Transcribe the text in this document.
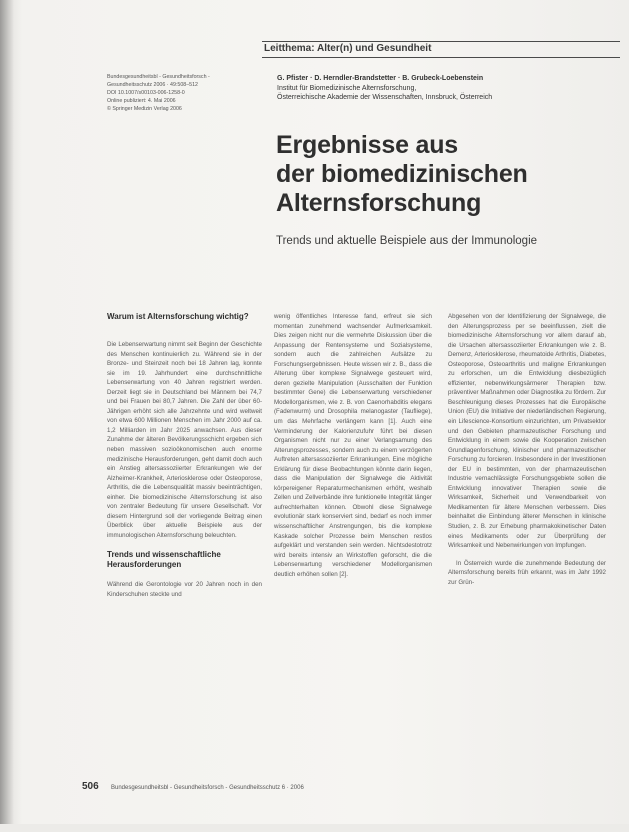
Leitthema: Alter(n) und Gesundheit
Bundesgesundheitsbl - Gesundheitsforsch -
Gesundheitsschutz 2006 · 49:508–512
DOI 10.1007/s00103-006-1258-0
Online publiziert: 4. Mai 2006
© Springer Medizin Verlag 2006
G. Pfister · D. Herndler-Brandstetter · B. Grubeck-Loebenstein
Institut für Biomedizinische Alternsforschung,
Österreichische Akademie der Wissenschaften, Innsbruck, Österreich
Ergebnisse aus
der biomedizinischen
Alternsforschung
Trends und aktuelle Beispiele aus der Immunologie
Warum ist Alternsforschung wichtig?

Die Lebenserwartung nimmt seit Beginn der Geschichte des Menschen kontinuierlich zu. Während sie in der Bronze- und Steinzeit noch bei 18 Jahren lag, konnte sie im 19. Jahrhundert eine durchschnittliche Lebenserwartung von 40 Jahren registriert werden. Derzeit liegt sie in Deutschland bei Männern bei 74,7 und bei Frauen bei 80,7 Jahren. Die Zahl der über 60-Jährigen erhöht sich alle Jahrzehnte und wird weltweit von etwa 600 Millionen Menschen im Jahr 2000 auf ca. 1,2 Milliarden im Jahr 2025 anwachsen. Aus dieser Zunahme der älteren Bevölkerungsschicht ergeben sich neben massiven sozioökonomischen auch enorme medizinische Herausforderungen, geht damit doch auch ein Anstieg altersassoziierter Erkrankungen wie der Alzheimer-Krankheit, Arteriosklerose oder Osteoporose, Arthritis, die die Lebensqualität massiv beeinträchtigen, einher. Die biomedizinische Alternsforschung ist also von zentraler Bedeutung für unsere Gesellschaft. Vor diesem Hintergrund soll der vorliegende Beitrag einen Überblick über aktuelle Beispiele aus der immunologischen Alternsforschung beleuchten.

Trends und wissenschaftliche Herausforderungen

Während die Gerontologie vor 20 Jahren noch in den Kinderschuhen steckte und

wenig öffentliches Interesse fand, erfreut sie sich momentan zunehmend wachsender Aufmerksamkeit. Dies zeigen nicht nur die vermehrte Diskussion über die Anpassung der Rentensysteme und Sozialsysteme, sondern auch die zahlreichen Aufsätze zu Forschungsergebnissen. Heute wissen wir z. B., dass die Alterung über komplexe Signalwege gesteuert wird, deren gezielte Manipulation (Ausschalten der Funktion bestimmter Gene) die Lebenserwartung verschiedener Modellorganismen, wie z. B. von Caenorhabditis elegans (Fadenwurm) und Drosophila melanogaster (Taufliege), um das Mehrfache verlängern kann [1]. Auch eine Verminderung der Kalorienzufuhr führt bei diesen Organismen nicht nur zu einer Verlangsamung des Alterungsprozesses, sondern auch zu einem verzögerten Auftreten altersassoziierter Erkrankungen. Eine mögliche Erklärung für diese Beobachtungen könnte darin liegen, dass die Manipulation der Signalwege die Aktivität körpereigener Reparaturmechanismen erhöht, weshalb Zellen und Zellverbände ihre funktionelle Integrität länger aufrechterhalten können. Obwohl diese Signalwege evolutionär stark konserviert sind, bedarf es noch immer wissenschaftlicher Anstrengungen, bis die komplexe Kaskade solcher Prozesse beim Menschen restlos aufgeklärt und verstanden sein werden. Nichtsdestotrotz wird bereits intensiv an Wirkstoffen geforscht, die die Lebenserwartung verschiedener Modellorganismen deutlich erhöhen sollen [2].

Abgesehen von der Identifizierung der Signalwege, die den Alterungsprozess per se beeinflussen, zielt die biomedizinische Alternsforschung vor allem darauf ab, die Ursachen altersassoziierter Erkrankungen wie z. B. Demenz, Arteriosklerose, rheumatoide Arthritis, Diabetes, Osteoporose, Osteoarthritis und maligne Erkrankungen zu erforschen, um die Entwicklung diesbezüglich effizienter, nebenwirkungsärmerer Therapien bzw. präventiver Maßnahmen oder Diagnostika zu fördern. Zur Beschleunigung dieses Prozesses hat die Europäische Union (EU) die Initiative der niederländischen Regierung, ein Lifescience-Konsortium einzurichten, um Privatsektor und den Gebieten pharmazeutischer Forschung und Entwicklung in einem sowie die Kooperation zwischen Grundlagenforschung, klinischer und pharmazeutischer Forschung zu forcieren. Insbesondere in der Investitionen der EU in bestimmten, von der pharmazeutischen Industrie vernachlässigte Forschungsgebiete sollen die Entwicklung innovativer Therapien sowie die Wirksamkeit, Sicherheit und Verwendbarkeit von Medikamenten für ältere Menschen verbessern. Dies beinhaltet die Einbindung älterer Menschen in klinische Studien, z. B. zur Erhebung pharmakokinetischer Daten eines Medikaments oder zur Überprüfung der Wirksamkeit und Nebenwirkungen von Impfungen.

In Österreich wurde die zunehmende Bedeutung der Alternsforschung bereits früh erkannt, was im Jahr 1992 zur Grün-

506 Bundesgesundheitsbl - Gesundheitsforsch - Gesundheitsschutz 6 · 2006
